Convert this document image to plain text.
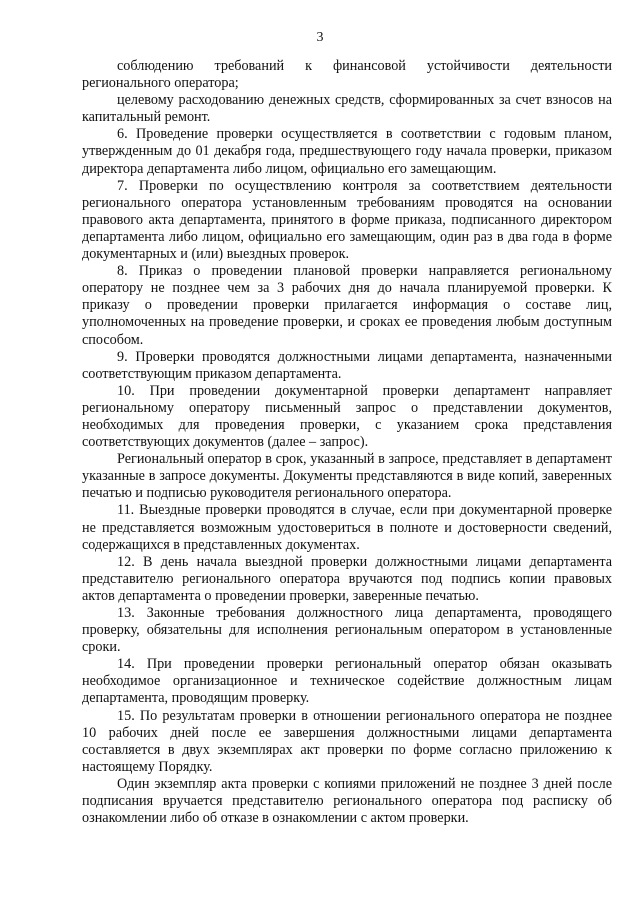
3

соблюдению требований к финансовой устойчивости деятельности регионального оператора;

целевому расходованию денежных средств, сформированных за счет взносов на капитальный ремонт.

6. Проведение проверки осуществляется в соответствии с годовым планом, утвержденным до 01 декабря года, предшествующего году начала проверки, приказом директора департамента либо лицом, официально его замещающим.

7. Проверки по осуществлению контроля за соответствием деятельности регионального оператора установленным требованиям проводятся на основании правового акта департамента, принятого в форме приказа, подписанного директором департамента либо лицом, официально его замещающим, один раз в два года в форме документарных и (или) выездных проверок.

8. Приказ о проведении плановой проверки направляется региональному оператору не позднее чем за 3 рабочих дня до начала планируемой проверки. К приказу о проведении проверки прилагается информация о составе лиц, уполномоченных на проведение проверки, и сроках ее проведения любым доступным способом.

9. Проверки проводятся должностными лицами департамента, назначенными соответствующим приказом департамента.

10. При проведении документарной проверки департамент направляет региональному оператору письменный запрос о представлении документов, необходимых для проведения проверки, с указанием срока представления соответствующих документов (далее – запрос).

Региональный оператор в срок, указанный в запросе, представляет в департамент указанные в запросе документы. Документы представляются в виде копий, заверенных печатью и подписью руководителя регионального оператора.

11. Выездные проверки проводятся в случае, если при документарной проверке не представляется возможным удостовериться в полноте и достоверности сведений, содержащихся в представленных документах.

12. В день начала выездной проверки должностными лицами департамента представителю регионального оператора вручаются под подпись копии правовых актов департамента о проведении проверки, заверенные печатью.

13. Законные требования должностного лица департамента, проводящего проверку, обязательны для исполнения региональным оператором в установленные сроки.

14. При проведении проверки региональный оператор обязан оказывать необходимое организационное и техническое содействие должностным лицам департамента, проводящим проверку.

15. По результатам проверки в отношении регионального оператора не позднее 10 рабочих дней после ее завершения должностными лицами департамента составляется в двух экземплярах акт проверки по форме согласно приложению к настоящему Порядку.

Один экземпляр акта проверки с копиями приложений не позднее 3 дней после подписания вручается представителю регионального оператора под расписку об ознакомлении либо об отказе в ознакомлении с актом проверки.
